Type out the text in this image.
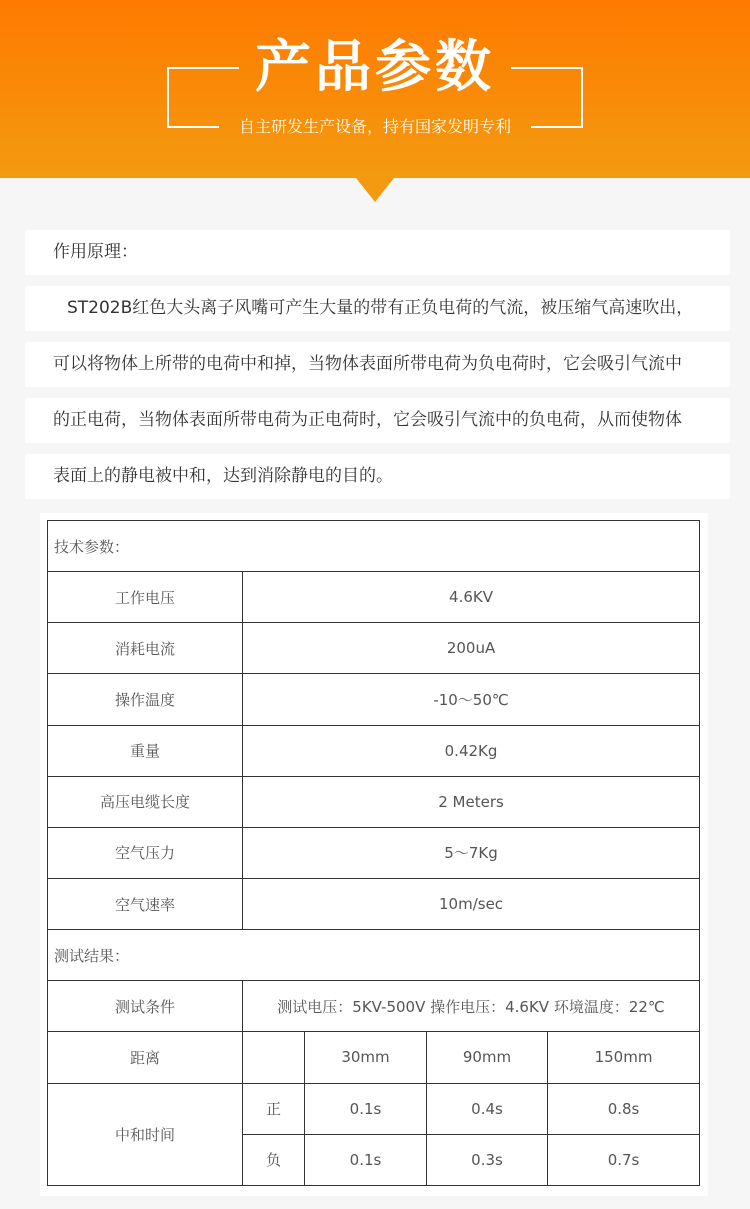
产品参数
自主研发生产设备，持有国家发明专利
作用原理：
ST202B红色大头离子风嘴可产生大量的带有正负电荷的气流，被压缩气高速吹出，
可以将物体上所带的电荷中和掉，当物体表面所带电荷为负电荷时，它会吸引气流中
的正电荷，当物体表面所带电荷为正电荷时，它会吸引气流中的负电荷，从而使物体
表面上的静电被中和，达到消除静电的目的。
技术参数：				
工作电压	4.6KV			
消耗电流	200uA			
操作温度	-10～50℃			
重量	0.42Kg			
高压电缆长度	2 Meters			
空气压力	5～7Kg			
空气速率	10m/sec			
测试结果：				
测试条件	测试电压：5KV-500V 操作电压：4.6KV 环境温度：22℃			
距离		30mm	90mm	150mm
中和时间	正	0.1s	0.4s	0.8s
	负	0.1s	0.3s	0.7s
